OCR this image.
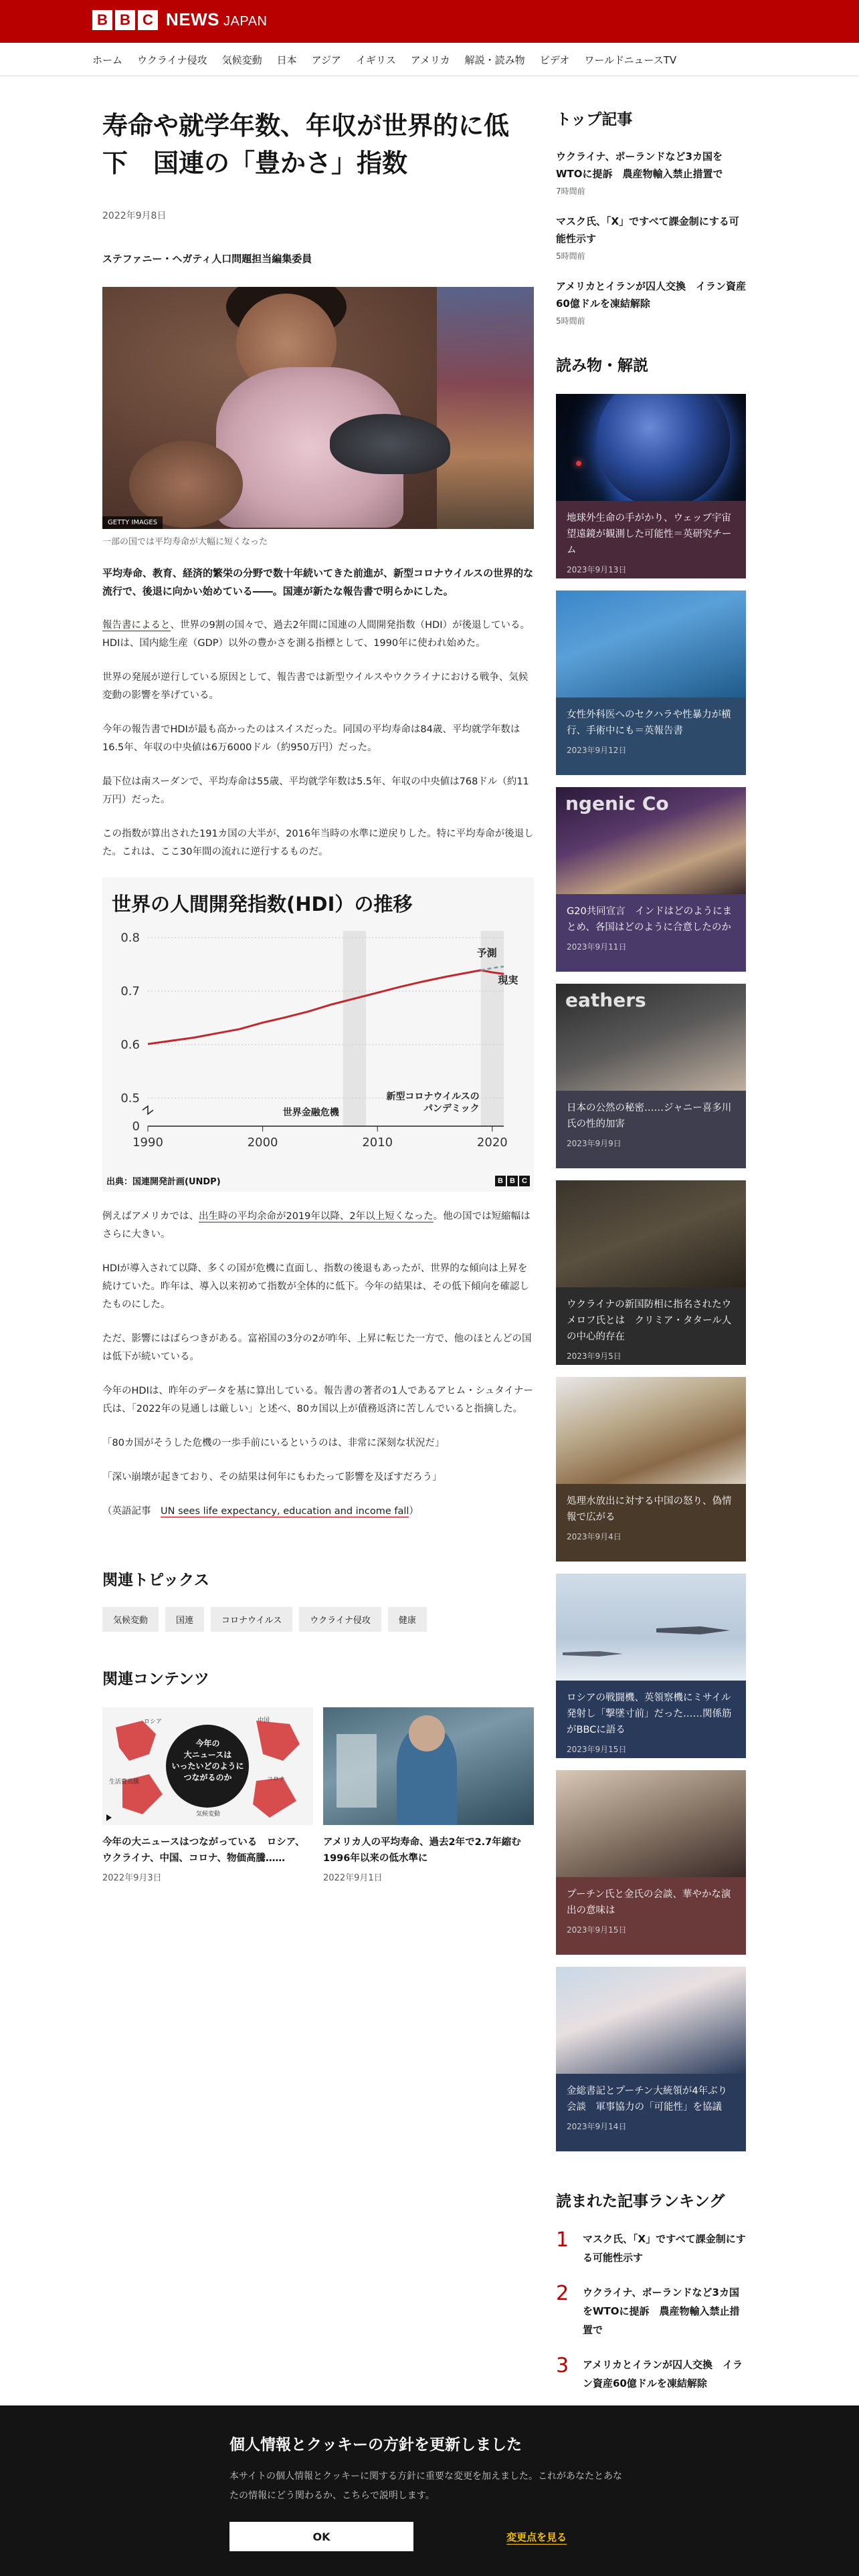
B B C NEWS JAPAN
ホーム ウクライナ侵攻 気候変動 日本 アジア イギリス アメリカ 解説・読み物 ビデオ ワールドニュースTV
寿命や就学年数、年収が世界的に低下　国連の「豊かさ」指数
2022年9月8日
ステファニー・ヘガティ人口問題担当編集委員
GETTY IMAGES
一部の国では平均寿命が大幅に短くなった

平均寿命、教育、経済的繁栄の分野で数十年続いてきた前進が、新型コロナウイルスの世界的な流行で、後退に向かい始めている――。国連が新たな報告書で明らかにした。

報告書によると、世界の9割の国々で、過去2年間に国連の人間開発指数（HDI）が後退している。HDIは、国内総生産（GDP）以外の豊かさを測る指標として、1990年に使われ始めた。

世界の発展が逆行している原因として、報告書では新型ウイルスやウクライナにおける戦争、気候変動の影響を挙げている。

今年の報告書でHDIが最も高かったのはスイスだった。同国の平均寿命は84歳、平均就学年数は16.5年、年収の中央値は6万6000ドル（約950万円）だった。

最下位は南スーダンで、平均寿命は55歳、平均就学年数は5.5年、年収の中央値は768ドル（約11万円）だった。

この指数が算出された191カ国の大半が、2016年当時の水準に逆戻りした。特に平均寿命が後退した。これは、ここ30年間の流れに逆行するものだ。

世界の人間開発指数(HDI）の推移
0.8
0.7
0.6
0.5
0
1990	2000	2010	2020
世界金融危機
新型コロナウイルスの
パンデミック
予測
現実
出典：国連開発計画(UNDP)	B B C

例えばアメリカでは、出生時の平均余命が2019年以降、2年以上短くなった。他の国では短縮幅はさらに大きい。

HDIが導入されて以降、多くの国が危機に直面し、指数の後退もあったが、世界的な傾向は上昇を続けていた。昨年は、導入以来初めて指数が全体的に低下。今年の結果は、その低下傾向を確認したものにした。

ただ、影響にはばらつきがある。富裕国の3分の2が昨年、上昇に転じた一方で、他のほとんどの国は低下が続いている。

今年のHDIは、昨年のデータを基に算出している。報告書の著者の1人であるアヒム・シュタイナー氏は、「2022年の見通しは厳しい」と述べ、80カ国以上が債務返済に苦しんでいると指摘した。

「80カ国がそうした危機の一歩手前にいるというのは、非常に深刻な状況だ」

「深い崩壊が起きており、その結果は何年にもわたって影響を及ぼすだろう」

（英語記事　UN sees life expectancy, education and income fall）

関連トピックス
気候変動	国連	コロナウイルス	ウクライナ侵攻	健康
関連コンテンツ
今年の
大ニュースは
いったいどのように
つながるのか
ロシア	中国
生活費高騰	コロナ
気候変動
今年の大ニュースはつながっている　ロシア、ウクライナ、中国、コロナ、物価高騰……
2022年9月3日
アメリカ人の平均寿命、過去2年で2.7年縮む　1996年以来の低水準に
2022年9月1日
トップ記事
ウクライナ、ポーランドなど3カ国をWTOに提訴　農産物輸入禁止措置で
7時間前
マスク氏、「X」ですべて課金制にする可能性示す
5時間前
アメリカとイランが囚人交換　イラン資産60億ドルを凍結解除
5時間前
読み物・解説
地球外生命の手がかり、ウェッブ宇宙望遠鏡が観測した可能性＝英研究チーム
2023年9月13日
女性外科医へのセクハラや性暴力が横行、手術中にも＝英報告書
2023年9月12日
ngenic Co
G20共同宣言　インドはどのようにまとめ、各国はどのように合意したのか
2023年9月11日
eathers
日本の公然の秘密……ジャニー喜多川氏の性的加害
2023年9月9日
ウクライナの新国防相に指名されたウメロフ氏とは　クリミア・タタール人の中心的存在
2023年9月5日
処理水放出に対する中国の怒り、偽情報で広がる
2023年9月4日
ロシアの戦闘機、英領察機にミサイル発射し「撃墜寸前」だった……関係筋がBBCに語る
2023年9月15日
プーチン氏と金氏の会談、華やかな演出の意味は
2023年9月15日
金総書記とプーチン大統領が4年ぶり会談　軍事協力の「可能性」を協議
2023年9月14日
読まれた記事ランキング
1	マスク氏、「X」ですべて課金制にする可能性示す
2	ウクライナ、ポーランドなど3カ国をWTOに提訴　農産物輸入禁止措置で
3	アメリカとイランが囚人交換　イラン資産60億ドルを凍結解除
個人情報とクッキーの方針を更新しました

本サイトの個人情報とクッキーに関する方針に重要な変更を加えました。これがあなたとあなたの情報にどう関わるか、こちらで説明します。

OK	変更点を見る
